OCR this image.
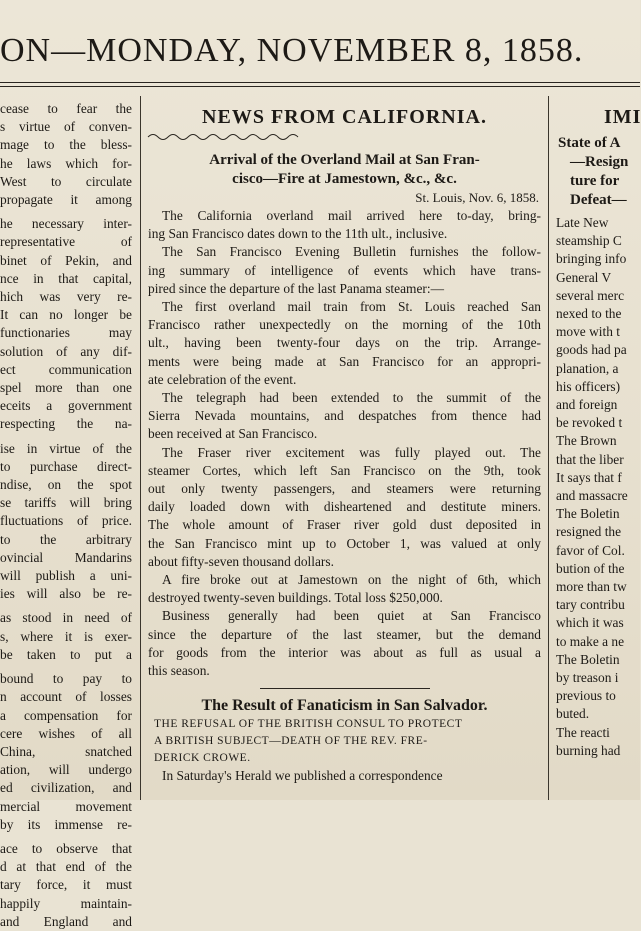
ON—MONDAY, NOVEMBER 8, 1858.
cease to fear the
s virtue of conven-
mage to the bless-
he laws which for-
West to circulate
propagate it among

he necessary inter-
representative of
binet of Pekin, and
nce in that capital,
hich was very re-
It can no longer be
functionaries may
solution of any dif-
ect communication
spel more than one
eceits a government
respecting the na-

ise in virtue of the
to purchase direct-
ndise, on the spot
se tariffs will bring
fluctuations of price.
to the arbitrary
ovincial Mandarins
will publish a uni-
ies will also be re-

as stood in need of
s, where it is exer-
be taken to put a

bound to pay to
n account of losses
a compensation for
cere wishes of all
China, snatched
ation, will undergo
ed civilization, and
mercial movement
by its immense re-

ace to observe that
d at that end of the
tary force, it must
happily maintain-
and England and
NEWS FROM CALIFORNIA.
Arrival of the Overland Mail at San Fran-
cisco—Fire at Jamestown, &c., &c.
St. Louis, Nov. 6, 1858.
The California overland mail arrived here to-day, bring-
ing San Francisco dates down to the 11th ult., inclusive.
The San Francisco Evening Bulletin furnishes the follow-
ing summary of intelligence of events which have trans-
pired since the departure of the last Panama steamer:—
The first overland mail train from St. Louis reached San
Francisco rather unexpectedly on the morning of the 10th
ult., having been twenty-four days on the trip. Arrange-
ments were being made at San Francisco for an appropri-
ate celebration of the event.
The telegraph had been extended to the summit of the
Sierra Nevada mountains, and despatches from thence had
been received at San Francisco.
The Fraser river excitement was fully played out. The
steamer Cortes, which left San Francisco on the 9th, took
out only twenty passengers, and steamers were returning
daily loaded down with disheartened and destitute miners.
The whole amount of Fraser river gold dust deposited in
the San Francisco mint up to October 1, was valued at only
about fifty-seven thousand dollars.
A fire broke out at Jamestown on the night of 6th, which
destroyed twenty-seven buildings. Total loss $250,000.
Business generally had been quiet at San Francisco
since the departure of the last steamer, but the demand
for goods from the interior was about as full as usual a
this season.
The Result of Fanaticism in San Salvador.
THE REFUSAL OF THE BRITISH CONSUL TO PROTECT
A BRITISH SUBJECT—DEATH OF THE REV. FRE-
DERICK CROWE.
In Saturday's Herald we published a correspondence
IMI
State of A
—Resign
ture for
Defeat—
Late New
steamship C
bringing info
General V
several merc
nexed to the
move with t
goods had pa
planation, a
his officers)
and foreign
be revoked t
The Brown
that the liber
It says that f
and massacre
The Boletin
resigned the
favor of Col.
bution of the
more than tw
tary contribu
which it was
to make a ne
The Boletin
by treason i
previous to
buted.
The reacti
burning had
